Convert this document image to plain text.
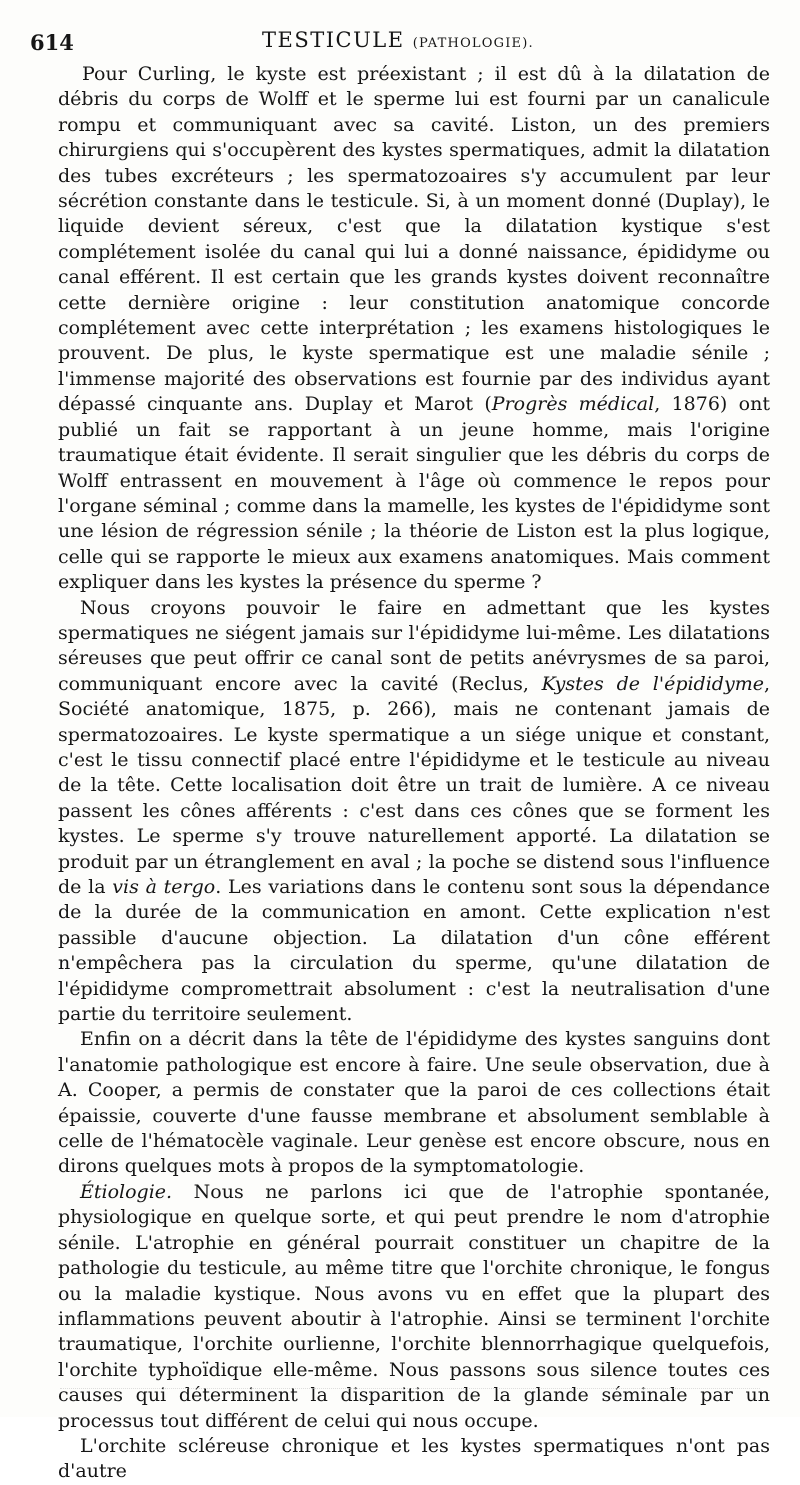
614	TESTICULE (PATHOLOGIE).

Pour Curling, le kyste est préexistant ; il est dû à la dilatation de débris du corps de Wolff et le sperme lui est fourni par un canalicule rompu et communiquant avec sa cavité. Liston, un des premiers chirurgiens qui s'occupèrent des kystes spermatiques, admit la dilatation des tubes excréteurs ; les spermatozoaires s'y accumulent par leur sécrétion constante dans le testicule. Si, à un moment donné (Duplay), le liquide devient séreux, c'est que la dilatation kystique s'est complétement isolée du canal qui lui a donné naissance, épididyme ou canal efférent. Il est certain que les grands kystes doivent reconnaître cette dernière origine : leur constitution anatomique concorde complétement avec cette interprétation ; les examens histologiques le prouvent. De plus, le kyste spermatique est une maladie sénile ; l'immense majorité des observations est fournie par des individus ayant dépassé cinquante ans. Duplay et Marot (Progrès médical, 1876) ont publié un fait se rapportant à un jeune homme, mais l'origine traumatique était évidente. Il serait singulier que les débris du corps de Wolff entrassent en mouvement à l'âge où commence le repos pour l'organe séminal ; comme dans la mamelle, les kystes de l'épididyme sont une lésion de régression sénile ; la théorie de Liston est la plus logique, celle qui se rapporte le mieux aux examens anatomiques. Mais comment expliquer dans les kystes la présence du sperme ?

Nous croyons pouvoir le faire en admettant que les kystes spermatiques ne siégent jamais sur l'épididyme lui-même. Les dilatations séreuses que peut offrir ce canal sont de petits anévrysmes de sa paroi, communiquant encore avec la cavité (Reclus, Kystes de l'épididyme, Société anatomique, 1875, p. 266), mais ne contenant jamais de spermatozoaires. Le kyste spermatique a un siége unique et constant, c'est le tissu connectif placé entre l'épididyme et le testicule au niveau de la tête. Cette localisation doit être un trait de lumière. A ce niveau passent les cônes afférents : c'est dans ces cônes que se forment les kystes. Le sperme s'y trouve naturellement apporté. La dilatation se produit par un étranglement en aval ; la poche se distend sous l'influence de la vis à tergo. Les variations dans le contenu sont sous la dépendance de la durée de la communication en amont. Cette explication n'est passible d'aucune objection. La dilatation d'un cône efférent n'empêchera pas la circulation du sperme, qu'une dilatation de l'épididyme compromettrait absolument : c'est la neutralisation d'une partie du territoire seulement.

Enfin on a décrit dans la tête de l'épididyme des kystes sanguins dont l'anatomie pathologique est encore à faire. Une seule observation, due à A. Cooper, a permis de constater que la paroi de ces collections était épaissie, couverte d'une fausse membrane et absolument semblable à celle de l'hématocèle vaginale. Leur genèse est encore obscure, nous en dirons quelques mots à propos de la symptomatologie.

Étiologie. Nous ne parlons ici que de l'atrophie spontanée, physiologique en quelque sorte, et qui peut prendre le nom d'atrophie sénile. L'atrophie en général pourrait constituer un chapitre de la pathologie du testicule, au même titre que l'orchite chronique, le fongus ou la maladie kystique. Nous avons vu en effet que la plupart des inflammations peuvent aboutir à l'atrophie. Ainsi se terminent l'orchite traumatique, l'orchite ourlienne, l'orchite blennorrhagique quelquefois, l'orchite typhoïdique elle-même. Nous passons sous silence toutes ces causes qui déterminent la disparition de la glande séminale par un processus tout différent de celui qui nous occupe.

L'orchite scléreuse chronique et les kystes spermatiques n'ont pas d'autre
